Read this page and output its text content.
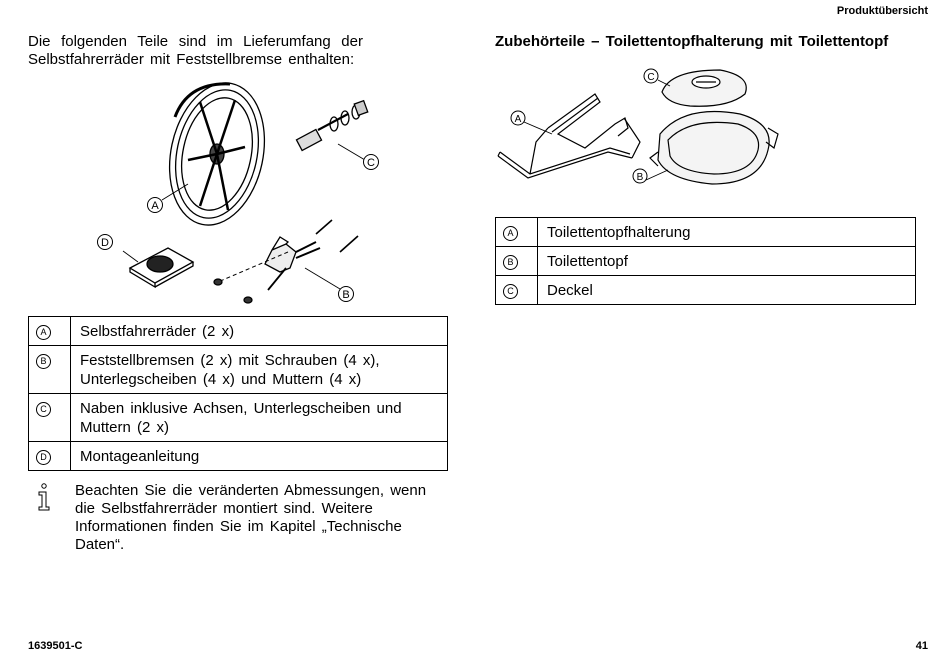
Produktübersicht
Die folgenden Teile sind im Lieferumfang der Selbstfahrerräder mit Feststellbremse enthalten:
Zubehörteile – Toilettentopfhalterung mit Toilettentopf
A
B
C
D
A
B
C
A	Selbstfahrerräder (2 x)
B	Feststellbremsen (2 x) mit Schrauben (4 x), Unterlegscheiben (4 x) und Muttern (4 x)
C	Naben inklusive Achsen, Unterlegscheiben und Muttern (2 x)
D	Montageanleitung
A	Toilettentopfhalterung
B	Toilettentopf
C	Deckel
Beachten Sie die veränderten Abmessungen, wenn die Selbstfahrerräder montiert sind. Weitere Informationen finden Sie im Kapitel „Technische Daten“.
1639501-C	41
